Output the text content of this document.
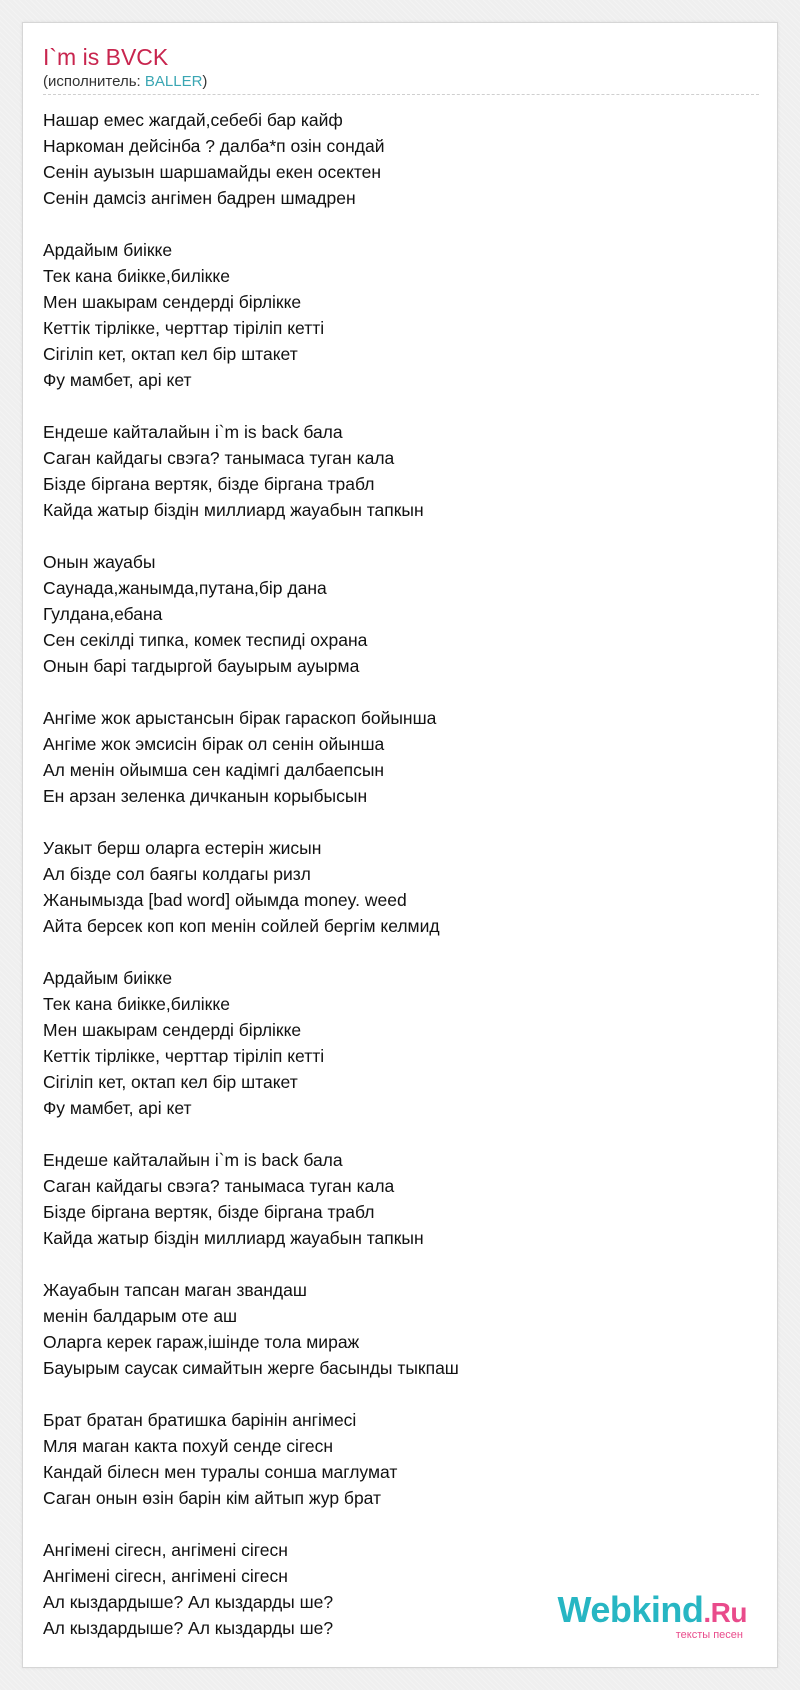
I`m is BVCK
(исполнитель: BALLER)
Нашар емес жагдай,себебі бар кайф
Наркоман дейсінба ? далба*п озін сондай
Сенін ауызын шаршамайды екен осектен
Сенін дамсіз ангімен бадрен шмадрен
Ардайым биікке
Тек кана биікке,билікке
Мен шакырам сендерді бірлікке
Кеттік тірлікке, черттар тіріліп кетті
Сігіліп кет, октап кел бір штакет
Фу мамбет, арі кет
Ендеше кайталайын i`m is back бала
Саган кайдагы свэга? танымаса туган кала
Бізде біргана вертяк, бізде біргана трабл
Кайда жатыр біздін миллиард жауабын тапкын
Онын жауабы
Саунада,жанымда,путана,бір дана
Гулдана,ебана
Сен секілді типка, комек теспиді охрана
Онын барі тагдыргой бауырым ауырма
Ангіме жок арыстансын бірак гараскоп бойынша
Ангіме жок эмсисін бірак ол сенін ойынша
Ал менін ойымша сен кадімгі далбаепсын
Ен арзан зеленка дичканын корыбысын
Уакыт берш оларга естерін жисын
Ал бізде сол баягы колдагы ризл
Жанымызда [bad word] ойымда money. weed
Айта берсек коп коп менін сойлей бергім келмид
Ардайым биікке
Тек кана биікке,билікке
Мен шакырам сендерді бірлікке
Кеттік тірлікке, черттар тіріліп кетті
Сігіліп кет, октап кел бір штакет
Фу мамбет, арі кет
Ендеше кайталайын i`m is back бала
Саган кайдагы свэга? танымаса туган кала
Бізде біргана вертяк, бізде біргана трабл
Кайда жатыр біздін миллиард жауабын тапкын
Жауабын тапсан маган звандаш
менін балдарым оте аш
Оларга керек гараж,ішінде тола мираж
Бауырым саусак симайтын жерге басынды тыкпаш
Брат братан братишка барінін ангімесі
Мля маган какта похуй сенде сігесн
Кандай білесн мен туралы сонша маглумат
Саган онын өзін барін кім айтып жур брат
Ангімені сігесн, ангімені сігесн
Ангімені сігесн, ангімені сігесн
Ал кыздардыше? Ал кыздарды ше?
Ал кыздардыше? Ал кыздарды ше?	Webkind.Ru
тексты песен
